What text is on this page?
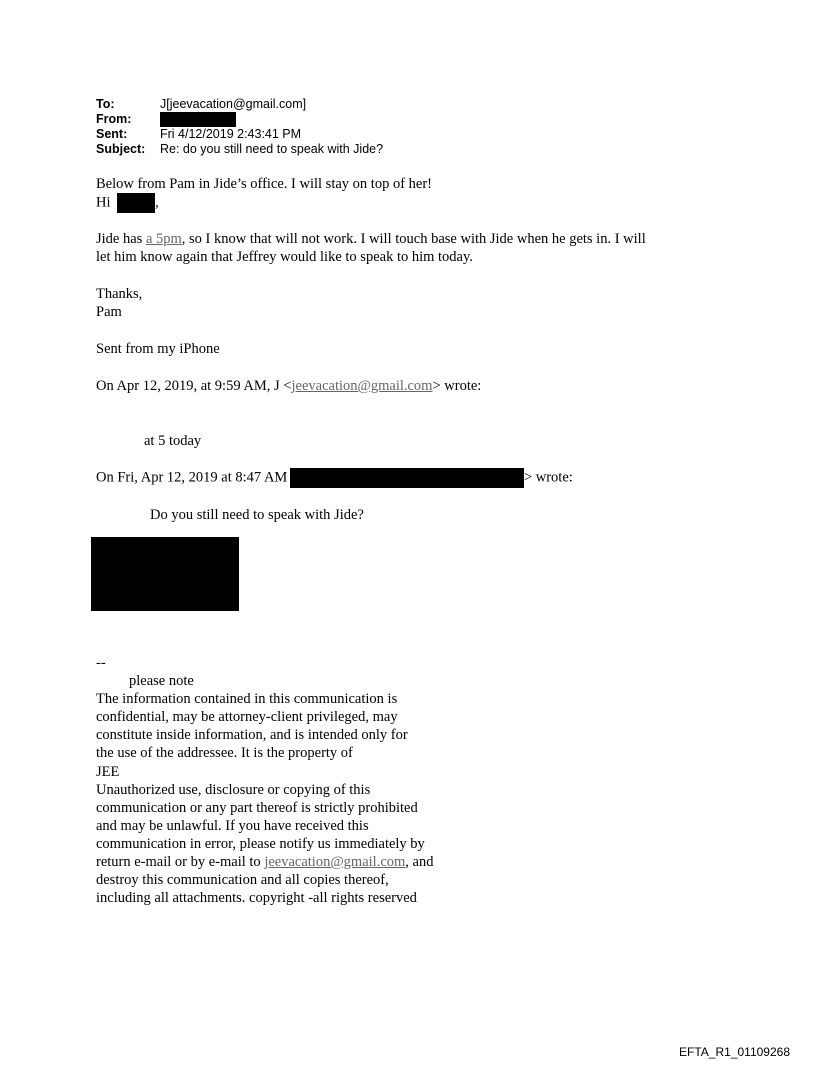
To:	J[jeevacation@gmail.com]
From:
Sent:	Fri 4/12/2019 2:43:41 PM
Subject: Re: do you still need to speak with Jide?
Below from Pam in Jide’s office. I will stay on top of her!
Hi	,
Jide has a 5pm, so I know that will not work. I will touch base with Jide when he gets in. I will
let him know again that Jeffrey would like to speak to him today.
Thanks,
Pam
Sent from my iPhone
On Apr 12, 2019, at 9:59 AM, J <jeevacation@gmail.com> wrote:
at 5 today
On Fri, Apr 12, 2019 at 8:47 AM	> wrote:
Do you still need to speak with Jide?
--
please note
The information contained in this communication is
confidential, may be attorney-client privileged, may
constitute inside information, and is intended only for
the use of the addressee. It is the property of
JEE
Unauthorized use, disclosure or copying of this
communication or any part thereof is strictly prohibited
and may be unlawful. If you have received this
communication in error, please notify us immediately by
return e-mail or by e-mail to jeevacation@gmail.com, and
destroy this communication and all copies thereof,
including all attachments. copyright -all rights reserved
EFTA_R1_01109268
